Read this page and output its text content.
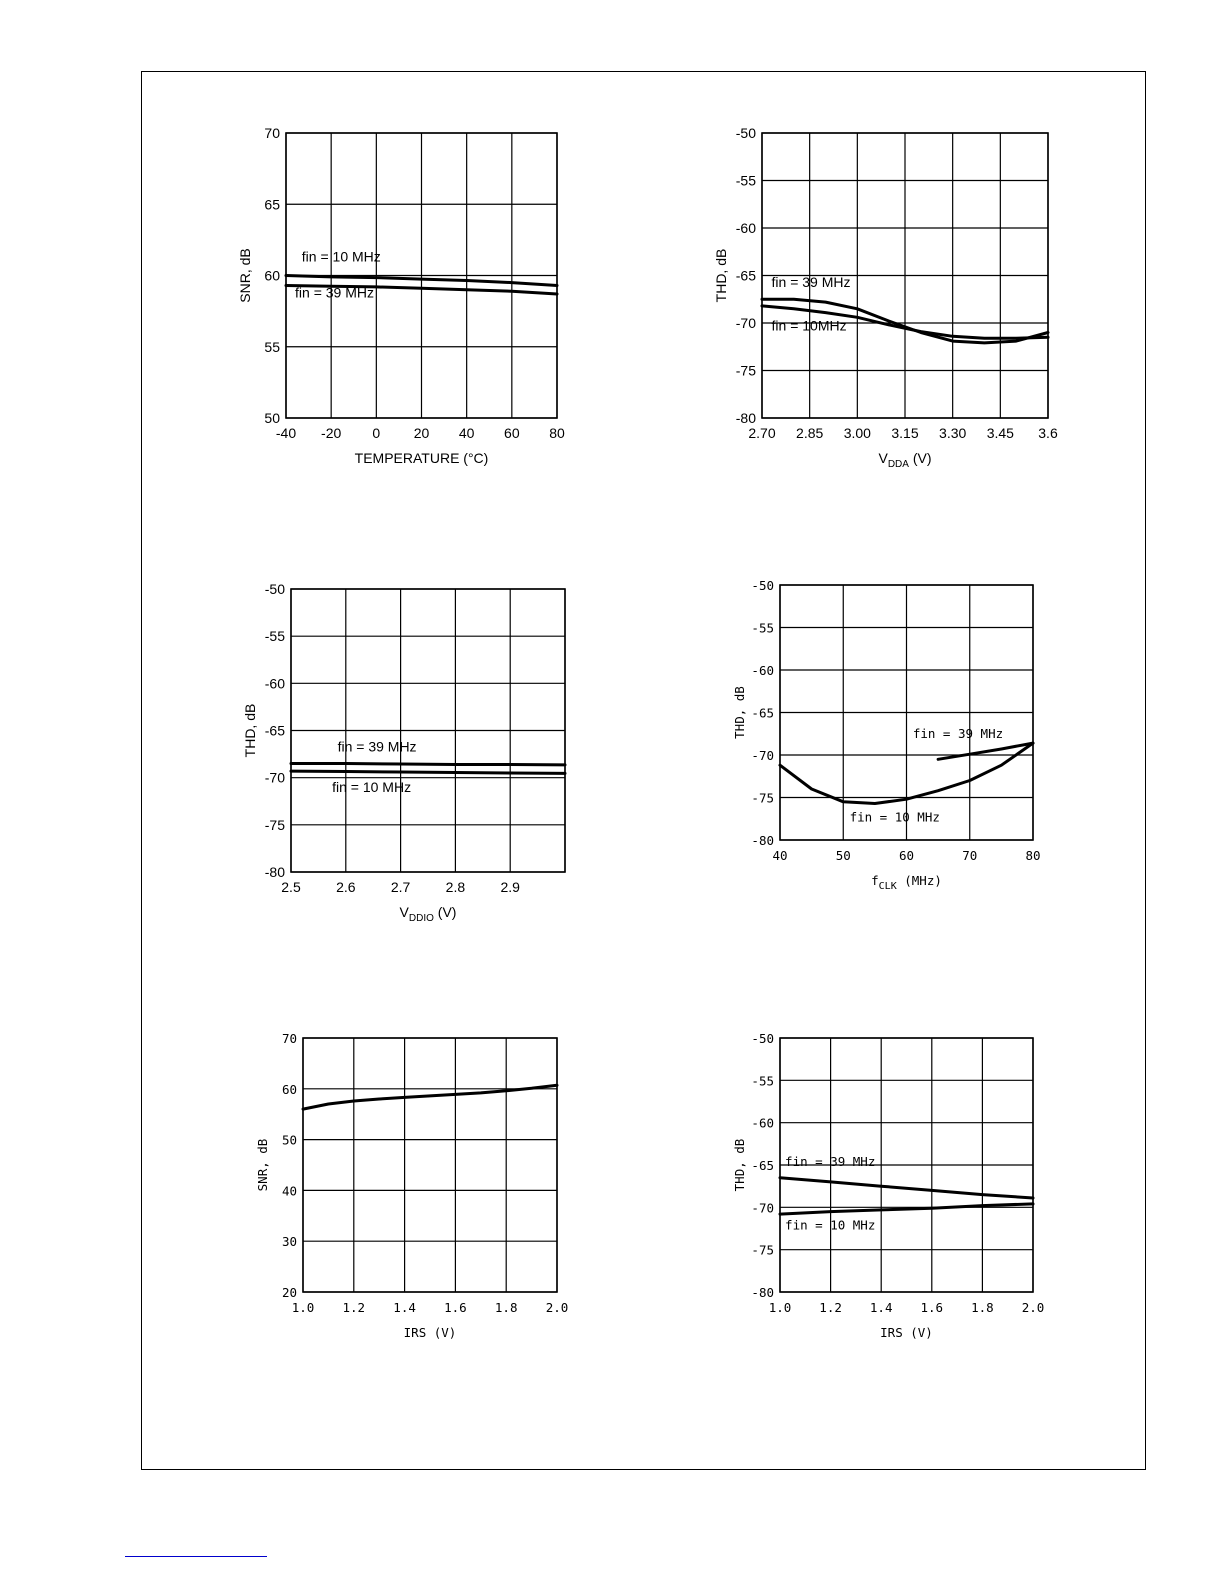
-40 -20 0 20 40 60 80
50
55
60
65
70
TEMPERATURE (°C)
SNR, dB	fin = 10 MHz
fin = 39 MHz
2.70 2.85 3.00 3.15 3.30 3.45 3.6
-80
-75
-70
-65
-60
-55
-50
$V_{DDA}$ (V)
THD, dB	fin = 39 MHz
fin = 10MHz
2.5	2.6	2.7	2.8	2.9
-80
-75
-70
-65
-60
-55
-50
$V_{DDIO}$ (V)
THD, dB	fin = 39 MHz
fin = 10 MHz
40	50	60	70	80
-80
-75
-70
-65
-60
-55
-50
$f_{CLK}$ (MHz)
THD, dB	fin = 39 MHz
fin = 10 MHz
1.0 1.2 1.4 1.6 1.8 2.0
20
30
40
50
60
70
IRS (V)
SNR, dB
1.0 1.2 1.4 1.6 1.8 2.0
-80
-75
-70
-65
-60
-55
-50
IRS (V)
THD, dB	fin = 39 MHz
fin = 10 MHz
